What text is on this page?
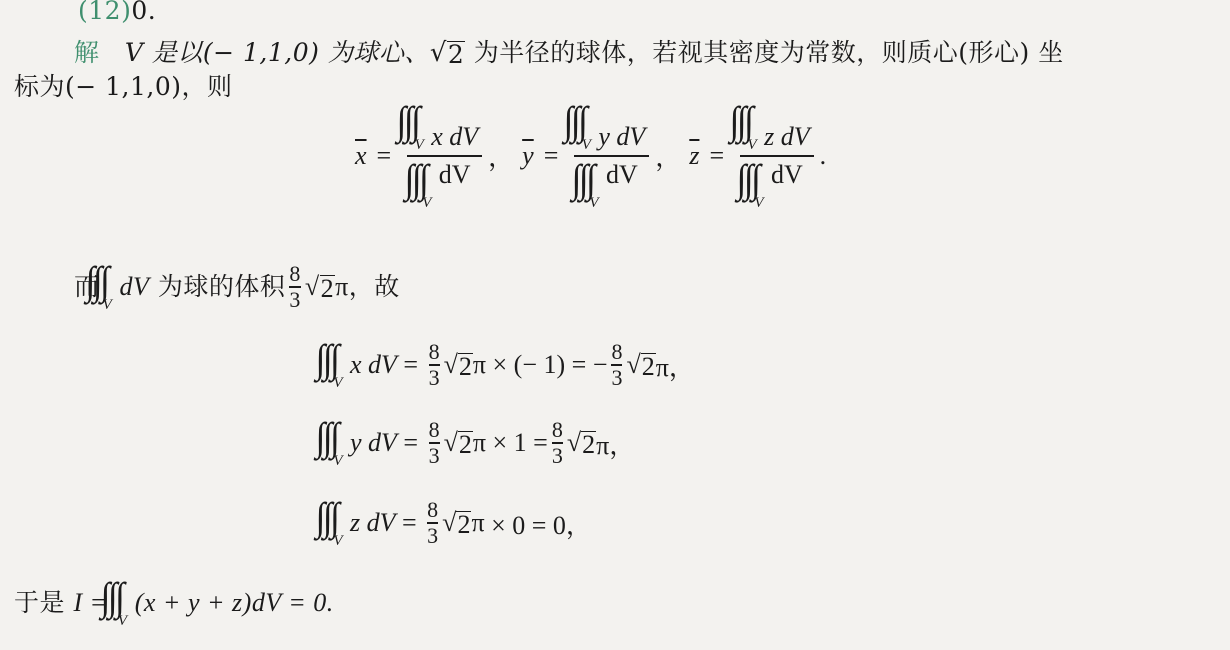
(12)0.
解 V 是以(− 1,1,0) 为球心、 √ 2 为半径的球体，若视其密度为常数，则质心(形心) 坐
标为(− 1,1,0)，则
$\overline{x} = V$ x dV
V
dV ， $\overline{y} = V$ y dV
V
dV ， $\overline{z} = V$ z dV
V
dV .
而
V
dV
为球的体积 $\frac{8}{3}$ √ 2 π ，故
V
x dV = $\frac{8}{3}$ √ 2 π × (− 1) = − $\frac{8}{3}$ √ 2 π，
V
y dV = $\frac{8}{3}$ √ 2 $\pi \times 1 = \frac{8}{3}$ √ 2 π，
V
z dV = $\frac{8}{3}$ √ 2 π × 0 = 0，
于是
I
=

V
(x + y + z)dV = 0.
